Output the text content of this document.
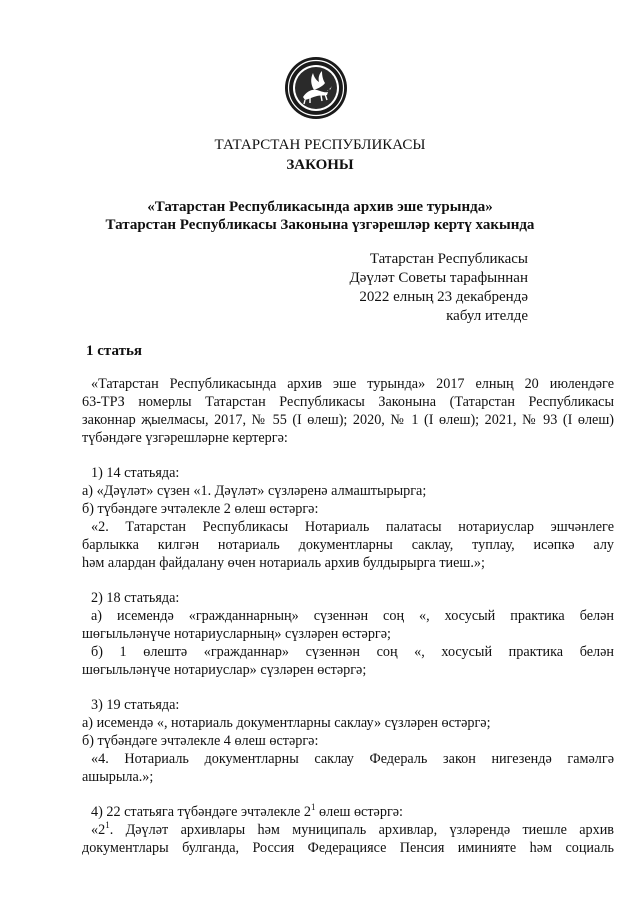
ТАТАРСТАН РЕСПУБЛИКАСЫ
ЗАКОНЫ
«Татарстан Республикасында архив эше турында»
Татарстан Республикасы Законына үзгәрешләр кертү хакында
Татарстан Республикасы
Дәүләт Советы тарафыннан
2022 елның 23 декабрендә
кабул ителде
1 статья
«Татарстан Республикасында архив эше турында» 2017 елның 20 июлендәге
63-ТРЗ номерлы Татарстан Республикасы Законына (Татарстан Республикасы
законнар җыелмасы, 2017, № 55 (I өлеш); 2020, № 1 (I өлеш); 2021, № 93 (I өлеш)
түбәндәге үзгәрешләрне кертергә:
1) 14 статьяда:
а) «Дәүләт» сүзен «1. Дәүләт» сүзләренә алмаштырырга;
б) түбәндәге эчтәлекле 2 өлеш өстәргә:
«2. Татарстан Республикасы Нотариаль палатасы нотариуслар эшчәнлеге
барлыкка килгән нотариаль документларны саклау, туплау, исәпкә алу
һәм алардан файдалану өчен нотариаль архив булдырырга тиеш.»;
2) 18 статьяда:
а) исемендә «гражданнарның» сүзеннән соң «, хосусый практика белән
шөгыльләнүче нотариусларның» сүзләрен өстәргә;
б) 1 өлештә «гражданнар» сүзеннән соң «, хосусый практика белән
шөгыльләнүче нотариуслар» сүзләрен өстәргә;
3) 19 статьяда:
а) исемендә «, нотариаль документларны саклау» сүзләрен өстәргә;
б) түбәндәге эчтәлекле 4 өлеш өстәргә:
«4. Нотариаль документларны саклау Федераль закон нигезендә гамәлгә
ашырыла.»;
4) 22 статьяга түбәндәге эчтәлекле $2^1$ өлеш өстәргә:
«$2^1$. Дәүләт архивлары һәм муниципаль архивлар, үзләрендә тиешле архив
документлары булганда, Россия Федерациясе Пенсия иминияте һәм социаль
